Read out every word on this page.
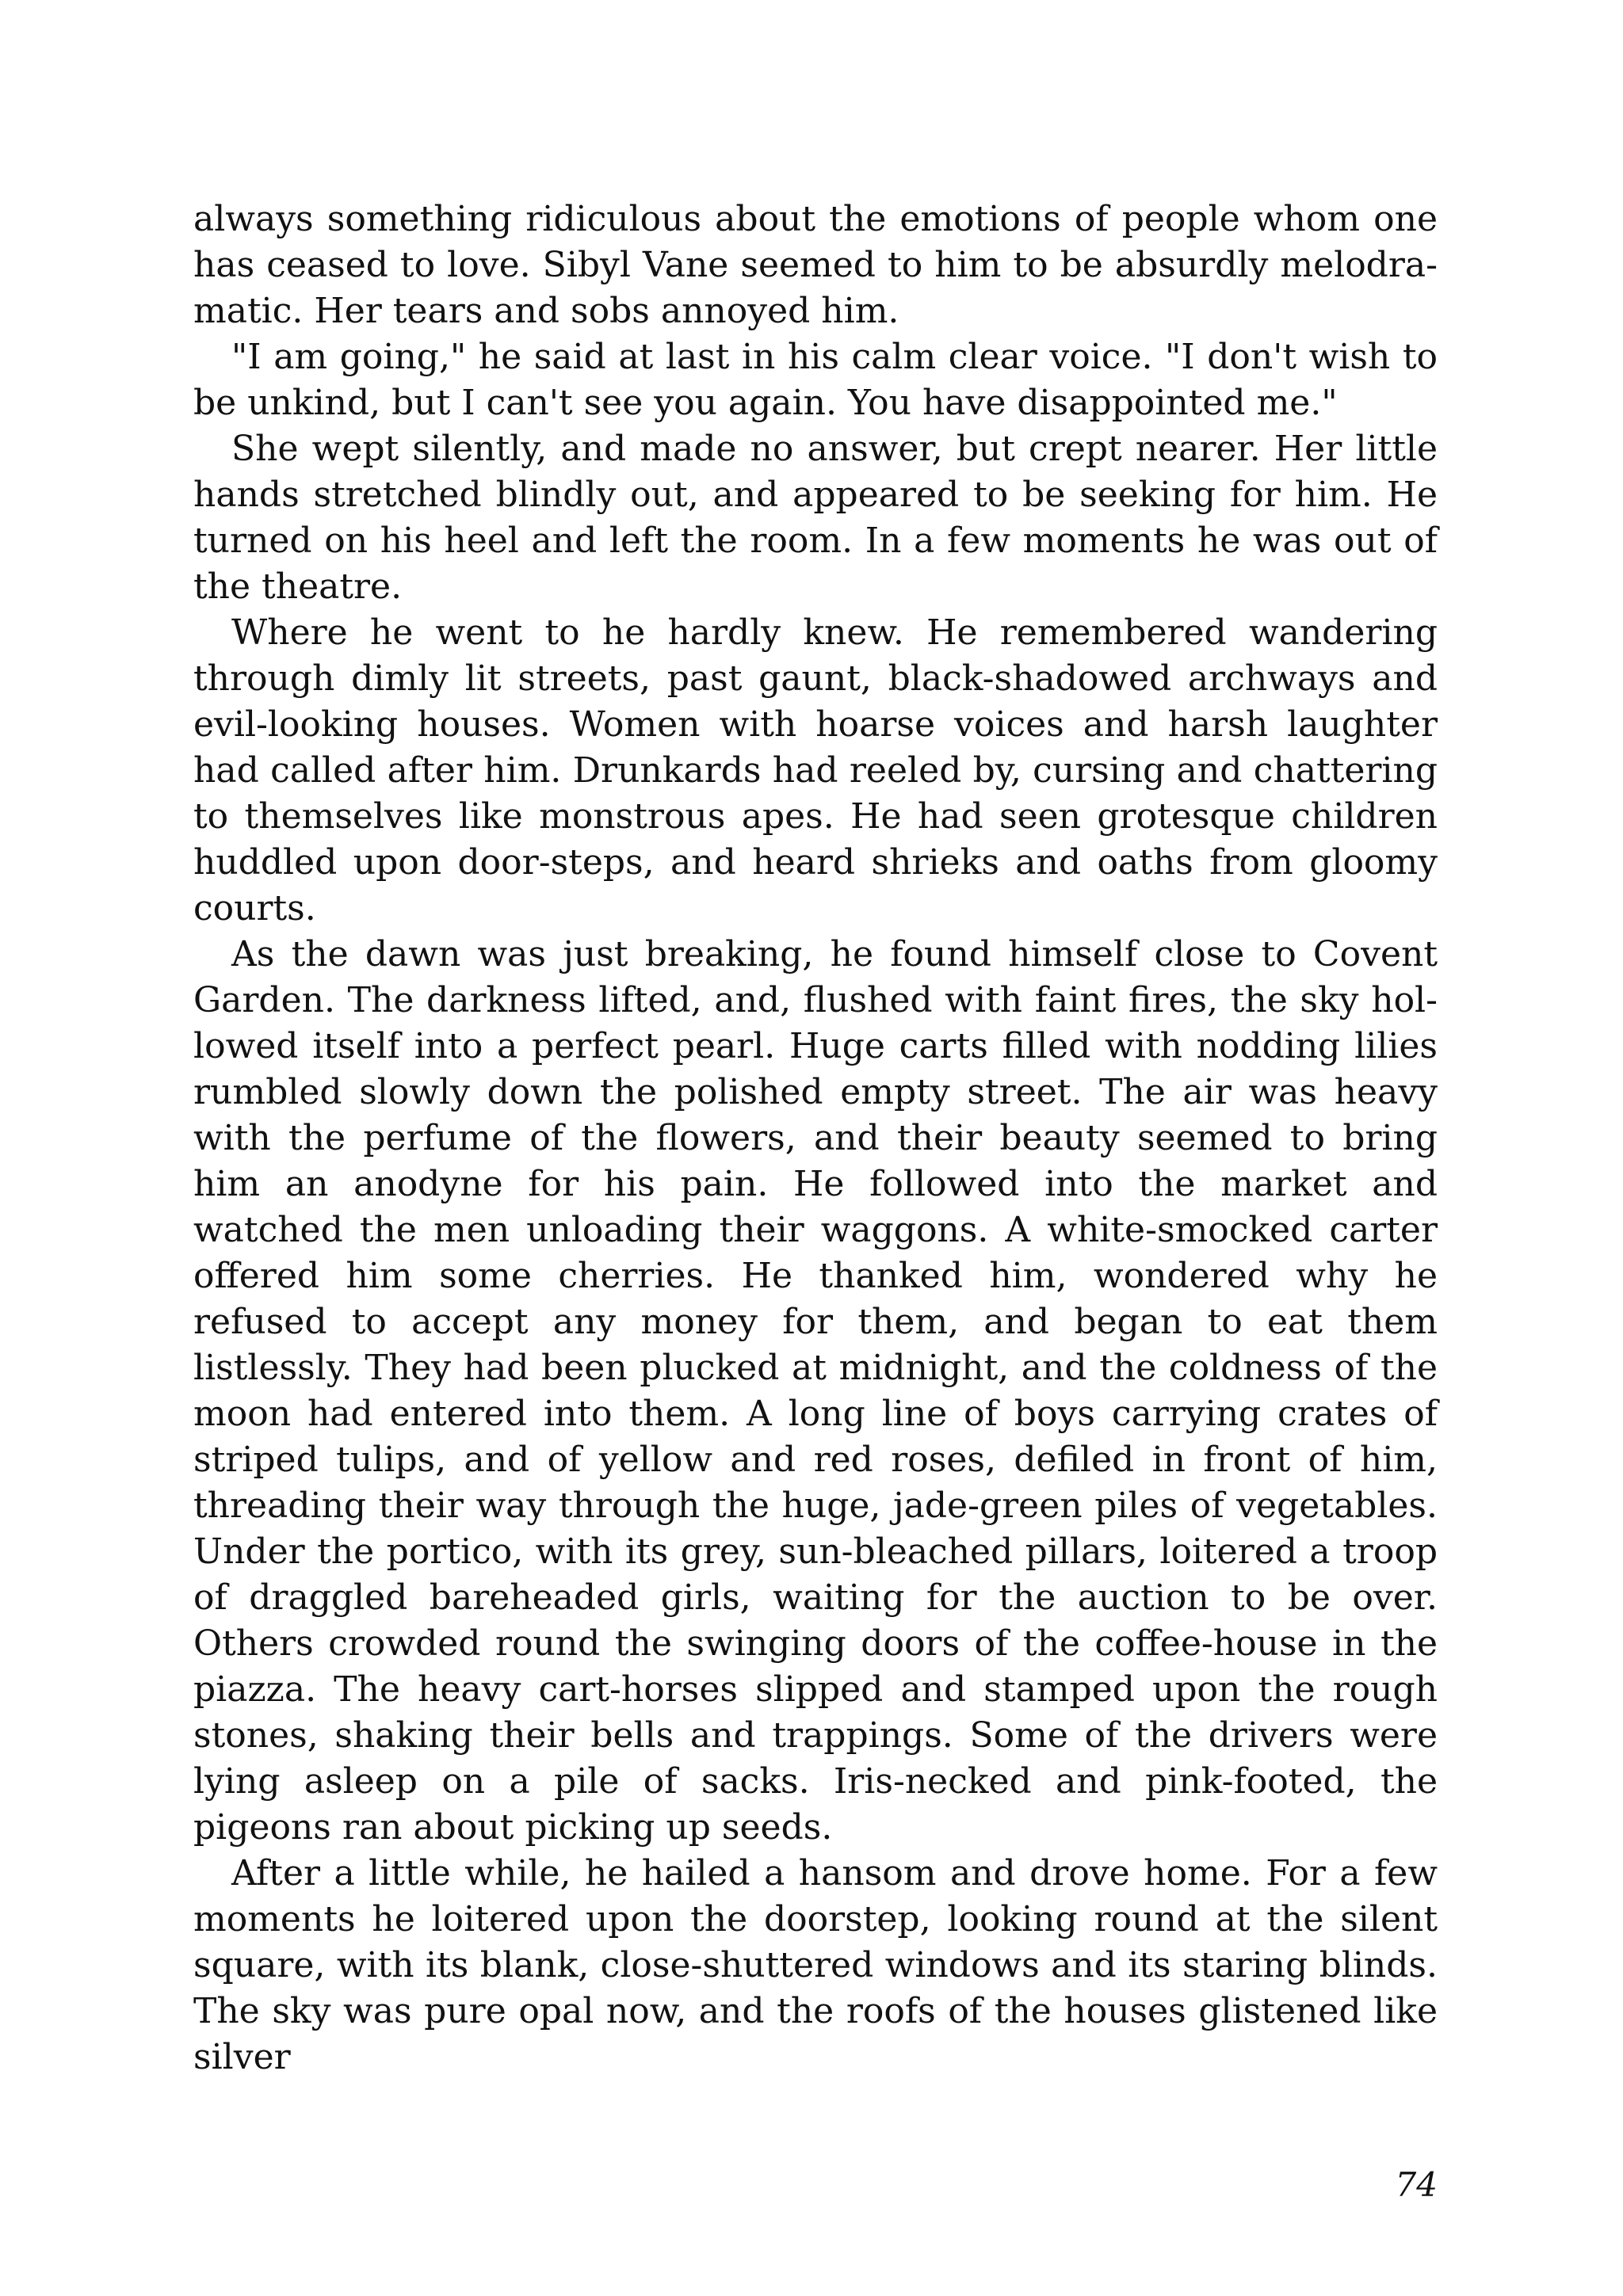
always something ridiculous about the emotions of people whom one has ceased to love. Sibyl Vane seemed to him to be absurdly melodramatic. Her tears and sobs annoyed him.

"I am going," he said at last in his calm clear voice. "I don't wish to be unkind, but I can't see you again. You have disappointed me."

She wept silently, and made no answer, but crept nearer. Her little hands stretched blindly out, and appeared to be seeking for him. He turned on his heel and left the room. In a few moments he was out of the theatre.

Where he went to he hardly knew. He remembered wandering through dimly lit streets, past gaunt, black-shadowed archways and evil-looking houses. Women with hoarse voices and harsh laughter had called after him. Drunkards had reeled by, cursing and chattering to themselves like monstrous apes. He had seen grotesque children huddled upon door-steps, and heard shrieks and oaths from gloomy courts.

As the dawn was just breaking, he found himself close to Covent Garden. The darkness lifted, and, flushed with faint fires, the sky hollowed itself into a perfect pearl. Huge carts filled with nodding lilies rumbled slowly down the polished empty street. The air was heavy with the perfume of the flowers, and their beauty seemed to bring him an anodyne for his pain. He followed into the market and watched the men unloading their waggons. A white-smocked carter offered him some cherries. He thanked him, wondered why he refused to accept any money for them, and began to eat them listlessly. They had been plucked at midnight, and the coldness of the moon had entered into them. A long line of boys carrying crates of striped tulips, and of yellow and red roses, defiled in front of him, threading their way through the huge, jade-green piles of vegetables. Under the portico, with its grey, sun-bleached pillars, loitered a troop of draggled bareheaded girls, waiting for the auction to be over. Others crowded round the swinging doors of the coffee-house in the piazza. The heavy cart-horses slipped and stamped upon the rough stones, shaking their bells and trappings. Some of the drivers were lying asleep on a pile of sacks. Iris-necked and pink-footed, the pigeons ran about picking up seeds.

After a little while, he hailed a hansom and drove home. For a few moments he loitered upon the doorstep, looking round at the silent square, with its blank, close-shuttered windows and its staring blinds. The sky was pure opal now, and the roofs of the houses glistened like silver

74
